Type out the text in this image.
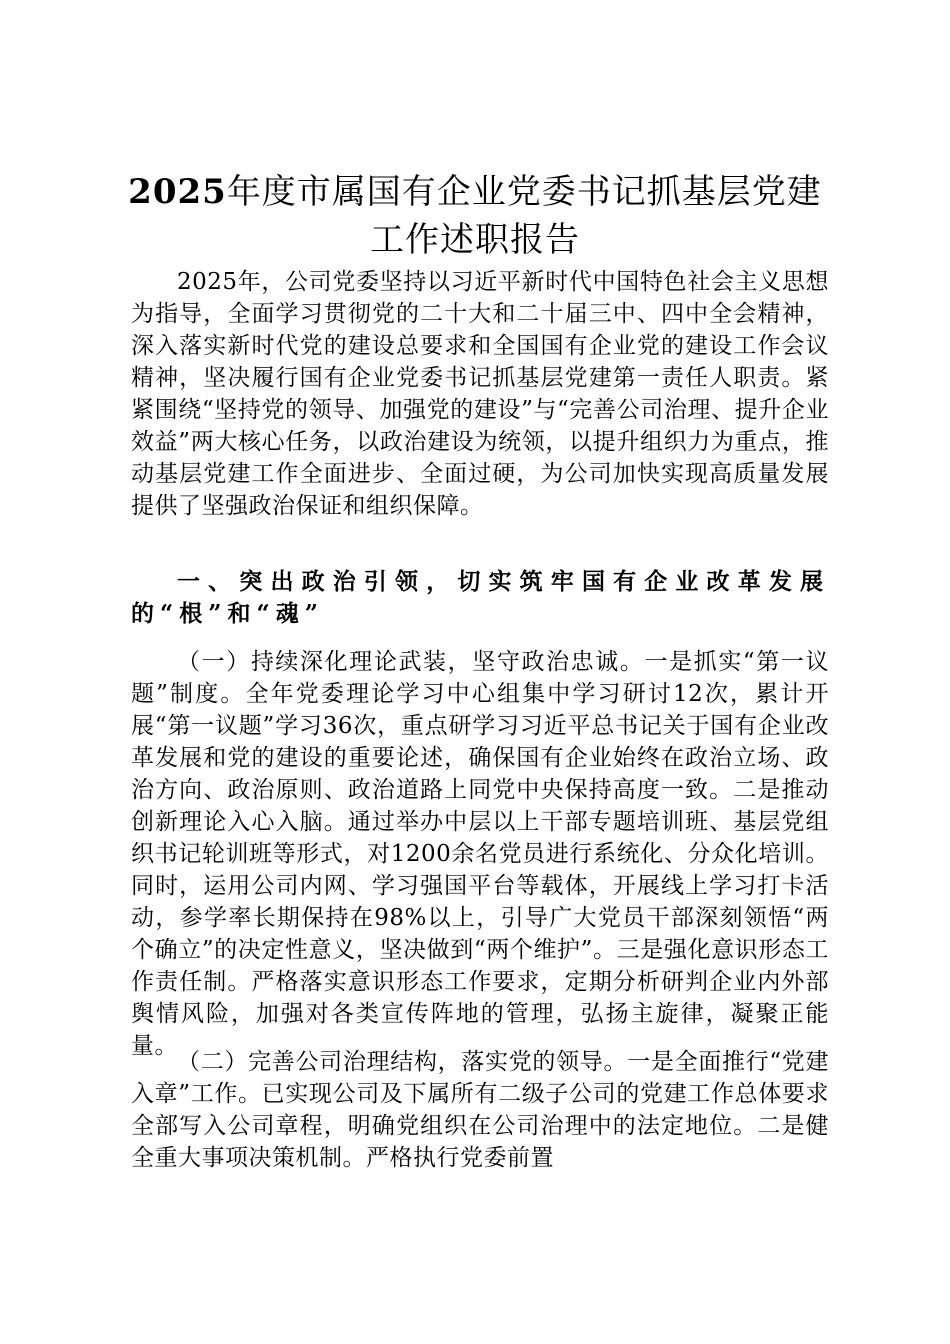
2025年度市属国有企业党委书记抓基层党建
工作述职报告

2025年，公司党委坚持以习近平新时代中国特色社会主义思想为指导，全面学习贯彻党的二十大和二十届三中、四中全会精神，深入落实新时代党的建设总要求和全国国有企业党的建设工作会议精神，坚决履行国有企业党委书记抓基层党建第一责任人职责。紧紧围绕“坚持党的领导、加强党的建设”与“完善公司治理、提升企业效益”两大核心任务，以政治建设为统领，以提升组织力为重点，推动基层党建工作全面进步、全面过硬，为公司加快实现高质量发展提供了坚强政治保证和组织保障。

一、突出政治引领，切实筑牢国有企业改革发展的“根”和“魂”

（一）持续深化理论武装，坚守政治忠诚。一是抓实“第一议题”制度。全年党委理论学习中心组集中学习研讨12次，累计开展“第一议题”学习36次，重点研学习习近平总书记关于国有企业改革发展和党的建设的重要论述，确保国有企业始终在政治立场、政治方向、政治原则、政治道路上同党中央保持高度一致。二是推动创新理论入心入脑。通过举办中层以上干部专题培训班、基层党组织书记轮训班等形式，对1200余名党员进行系统化、分众化培训。同时，运用公司内网、学习强国平台等载体，开展线上学习打卡活动，参学率长期保持在98%以上，引导广大党员干部深刻领悟“两个确立”的决定性意义，坚决做到“两个维护”。三是强化意识形态工作责任制。严格落实意识形态工作要求，定期分析研判企业内外部舆情风险，加强对各类宣传阵地的管理，弘扬主旋律，凝聚正能量。

（二）完善公司治理结构，落实党的领导。一是全面推行“党建入章”工作。已实现公司及下属所有二级子公司的党建工作总体要求全部写入公司章程，明确党组织在公司治理中的法定地位。二是健全重大事项决策机制。严格执行党委前置
